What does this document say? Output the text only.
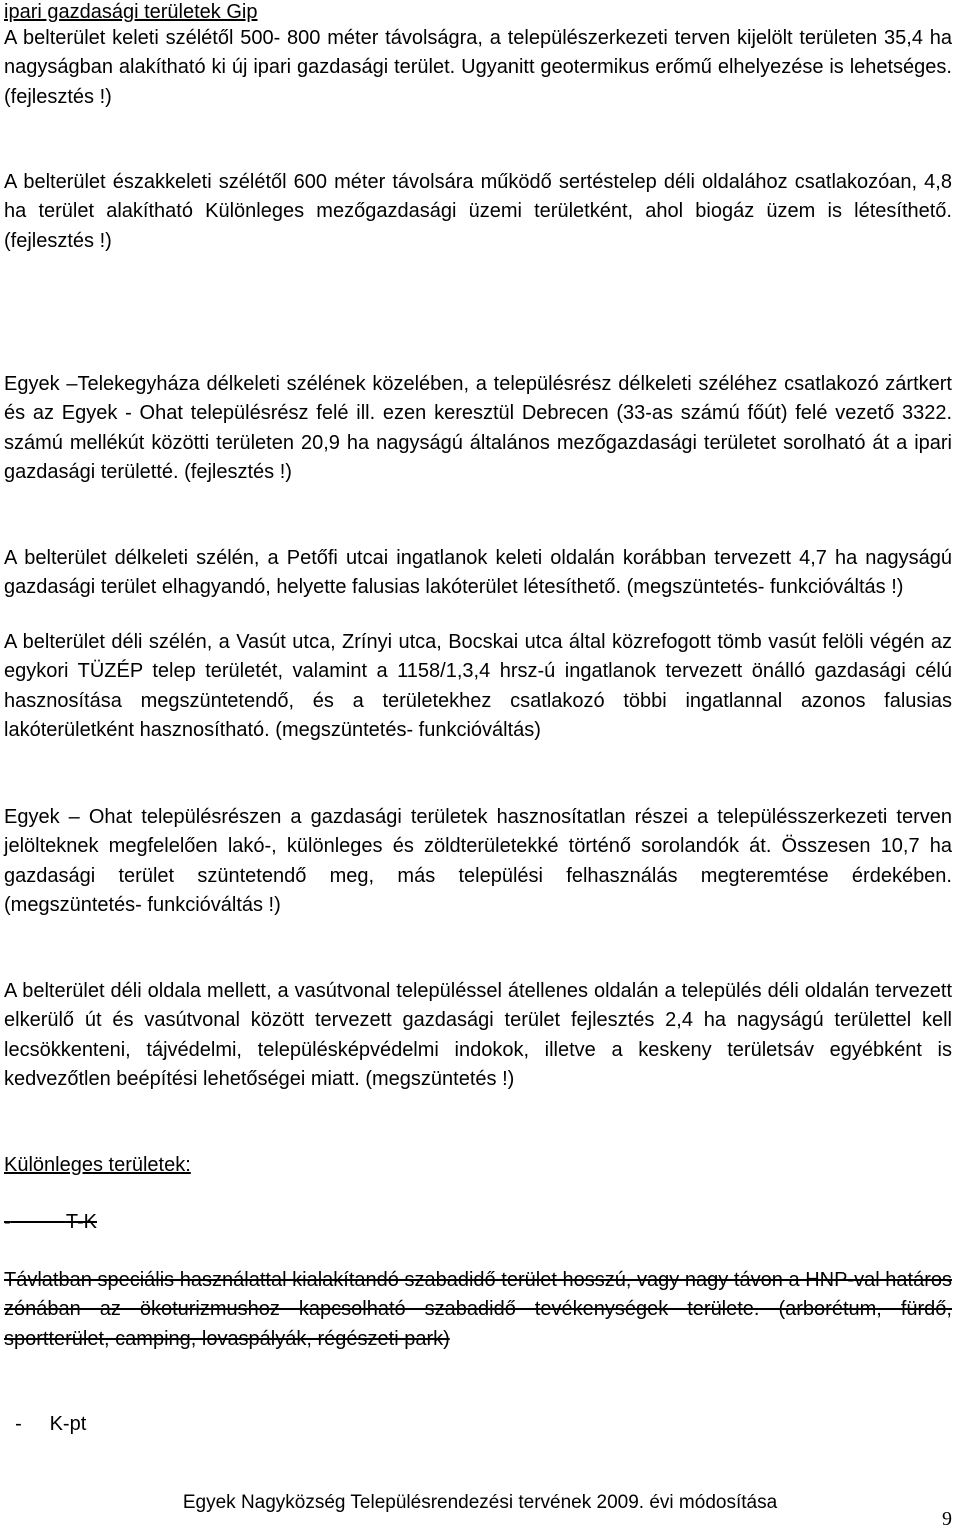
ipari gazdasági területek Gip

A belterület keleti szélétől 500- 800 méter távolságra, a települészerkezeti terven kijelölt területen 35,4 ha nagyságban alakítható ki új ipari gazdasági terület. Ugyanitt geotermikus erőmű elhelyezése is lehetséges. (fejlesztés !)

A belterület északkeleti szélétől 600 méter távolsára működő sertéstelep déli oldalához csatlakozóan, 4,8 ha terület alakítható Különleges mezőgazdasági üzemi területként, ahol biogáz üzem is létesíthető. (fejlesztés !)

Egyek –Telekegyháza délkeleti szélének közelében, a településrész délkeleti széléhez csatlakozó zártkert és az Egyek - Ohat településrész felé ill. ezen keresztül Debrecen (33-as számú főút) felé vezető 3322. számú mellékút közötti területen 20,9 ha nagyságú általános mezőgazdasági területet sorolható át a ipari gazdasági területté. (fejlesztés !)

A belterület délkeleti szélén, a Petőfi utcai ingatlanok keleti oldalán korábban tervezett 4,7 ha nagyságú gazdasági terület elhagyandó, helyette falusias lakóterület létesíthető. (megszüntetés- funkcióváltás !)

A belterület déli szélén, a Vasút utca, Zrínyi utca, Bocskai utca által közrefogott tömb vasút felöli végén az egykori TÜZÉP telep területét, valamint a 1158/1,3,4 hrsz-ú ingatlanok tervezett önálló gazdasági célú hasznosítása megszüntetendő, és a területekhez csatlakozó többi ingatlannal azonos falusias lakóterületként hasznosítható. (megszüntetés- funkcióváltás)

Egyek – Ohat településrészen a gazdasági területek hasznosítatlan részei a településszerkezeti terven jelölteknek megfelelően lakó-, különleges és zöldterületekké történő sorolandók át. Összesen 10,7 ha gazdasági terület szüntetendő meg, más települési felhasználás megteremtése érdekében. (megszüntetés- funkcióváltás !)

A belterület déli oldala mellett, a vasútvonal településsel átellenes oldalán a település déli oldalán tervezett elkerülő út és vasútvonal között tervezett gazdasági terület fejlesztés 2,4 ha nagyságú területtel kell lecsökkenteni, tájvédelmi, településképvédelmi indokok, illetve a keskeny területsáv egyébként is kedvezőtlen beépítési lehetőségei miatt. (megszüntetés !)

Különleges területek:

-	T-K

Távlatban speciális használattal kialakítandó szabadidő terület hosszú, vagy nagy távon a HNP-val határos zónában az ökoturizmushoz kapcsolható szabadidő tevékenységek területe. (arborétum, fürdő, sportterület, camping, lovaspályák, régészeti park)

- K-pt

Egyek Nagyközség Településrendezési tervének 2009. évi módosítása

9
